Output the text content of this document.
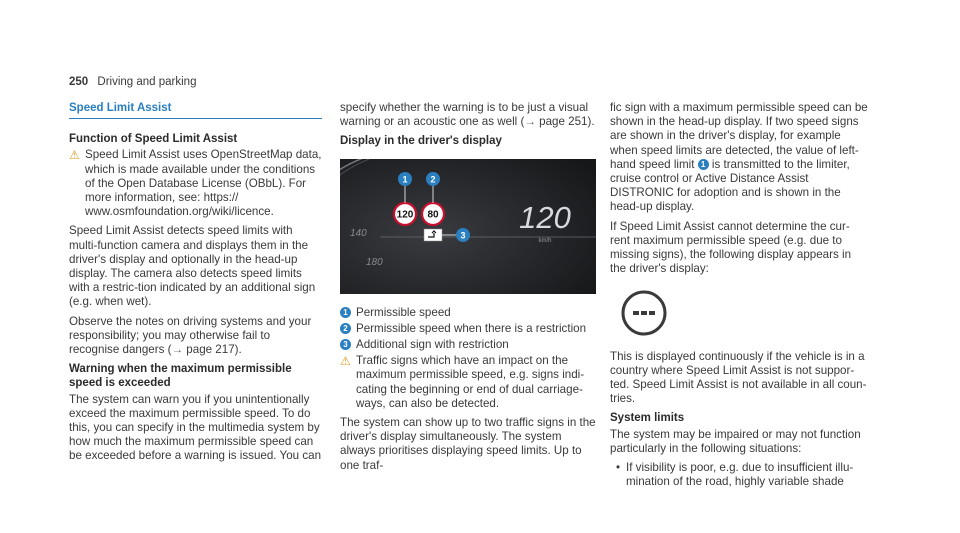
250 Driving and parking
Speed Limit Assist
Function of Speed Limit Assist
⚠ Speed Limit Assist uses OpenStreetMap data, which is made available under the conditions of the Open Database License (OBbL). For more information, see: https:// www.osmfoundation.org/wiki/licence.

Speed Limit Assist detects speed limits with multi-function camera and displays them in the driver's display and optionally in the head-up display. The camera also detects speed limits with a restric-tion indicated by an additional sign (e.g. when wet).

Observe the notes on driving systems and your responsibility; you may otherwise fail to recognise dangers (→ page 217).

Warning when the maximum permissible speed is exceeded

The system can warn you if you unintentionally exceed the maximum permissible speed. To do this, you can specify in the multimedia system by how much the maximum permissible speed can be exceeded before a warning is issued. You can

specify whether the warning is to be just a visual warning or an acoustic one as well (→ page 251).

Display in the driver's display
140
180
120 80
1	2
3
120
km/h
1 Permissible speed
2 Permissible speed when there is a restriction
3 Additional sign with restriction
⚠ Traffic signs which have an impact on the maximum permissible speed, e.g. signs indi-cating the beginning or end of dual carriage-ways, can also be detected.

The system can show up to two traffic signs in the driver's display simultaneously. The system always prioritises displaying speed limits. Up to one traf-

fic sign with a maximum permissible speed can be shown in the head-up display. If two speed signs are shown in the driver's display, for example when speed limits are detected, the value of left-hand speed limit 1 is transmitted to the limiter, cruise control or Active Distance Assist DISTRONIC for adoption and is shown in the head-up display.

If Speed Limit Assist cannot determine the cur-rent maximum permissible speed (e.g. due to missing signs), the following display appears in the driver's display:

This is displayed continuously if the vehicle is in a country where Speed Limit Assist is not suppor-ted. Speed Limit Assist is not available in all coun-tries.

System limits

The system may be impaired or may not function particularly in the following situations:

• If visibility is poor, e.g. due to insufficient illu-mination of the road, highly variable shade
